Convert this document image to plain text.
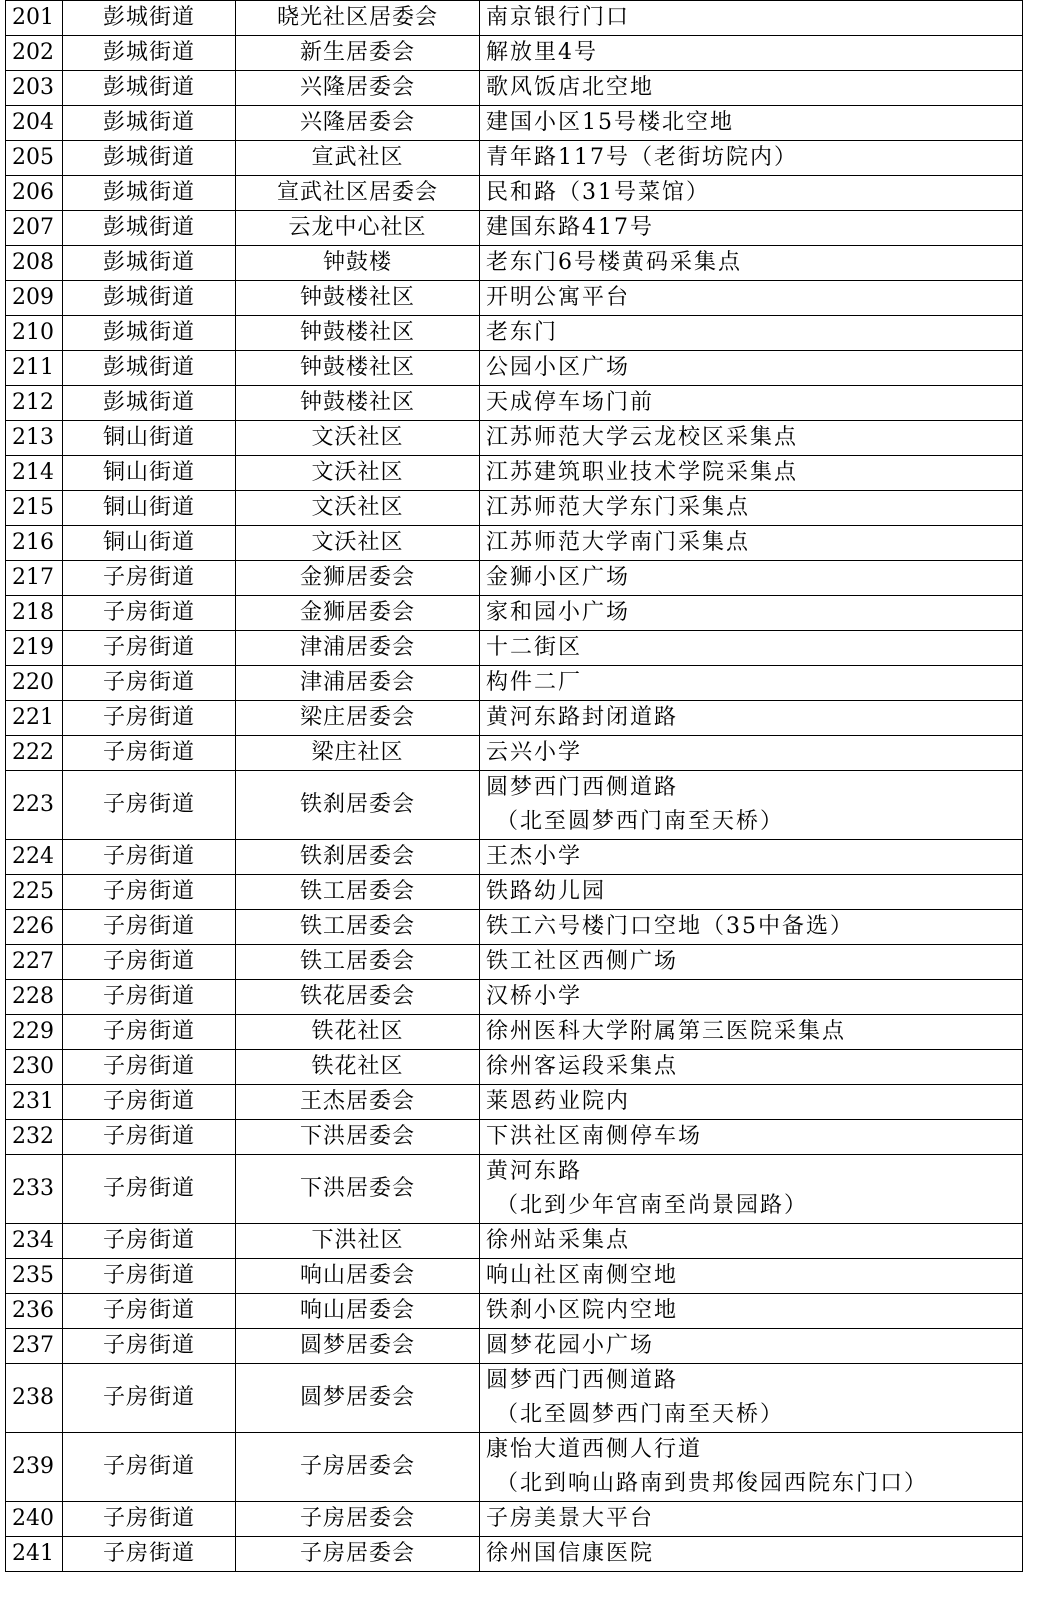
201	彭城街道	晓光社区居委会	南京银行门口
202	彭城街道	新生居委会	解放里4号
203	彭城街道	兴隆居委会	歌风饭店北空地
204	彭城街道	兴隆居委会	建国小区15号楼北空地
205	彭城街道	宣武社区	青年路117号（老街坊院内）
206	彭城街道	宣武社区居委会	民和路（31号菜馆）
207	彭城街道	云龙中心社区	建国东路417号
208	彭城街道	钟鼓楼	老东门6号楼黄码采集点
209	彭城街道	钟鼓楼社区	开明公寓平台
210	彭城街道	钟鼓楼社区	老东门
211	彭城街道	钟鼓楼社区	公园小区广场
212	彭城街道	钟鼓楼社区	天成停车场门前
213	铜山街道	文沃社区	江苏师范大学云龙校区采集点
214	铜山街道	文沃社区	江苏建筑职业技术学院采集点
215	铜山街道	文沃社区	江苏师范大学东门采集点
216	铜山街道	文沃社区	江苏师范大学南门采集点
217	子房街道	金狮居委会	金狮小区广场
218	子房街道	金狮居委会	家和园小广场
219	子房街道	津浦居委会	十二街区
220	子房街道	津浦居委会	构件二厂
221	子房街道	梁庄居委会	黄河东路封闭道路
222	子房街道	梁庄社区	云兴小学
223	子房街道	铁刹居委会	圆梦西门西侧道路
（北至圆梦西门南至天桥）

224	子房街道	铁刹居委会	王杰小学
225	子房街道	铁工居委会	铁路幼儿园
226	子房街道	铁工居委会	铁工六号楼门口空地（35中备选）
227	子房街道	铁工居委会	铁工社区西侧广场
228	子房街道	铁花居委会	汉桥小学
229	子房街道	铁花社区	徐州医科大学附属第三医院采集点
230	子房街道	铁花社区	徐州客运段采集点
231	子房街道	王杰居委会	莱恩药业院内
232	子房街道	下洪居委会	下洪社区南侧停车场
233	子房街道	下洪居委会	黄河东路
（北到少年宫南至尚景园路）

234	子房街道	下洪社区	徐州站采集点
235	子房街道	响山居委会	响山社区南侧空地
236	子房街道	响山居委会	铁刹小区院内空地
237	子房街道	圆梦居委会	圆梦花园小广场
238	子房街道	圆梦居委会	圆梦西门西侧道路
（北至圆梦西门南至天桥）

239	子房街道	子房居委会	康怡大道西侧人行道
（北到响山路南到贵邦俊园西院东门口）

240	子房街道	子房居委会	子房美景大平台
241	子房街道	子房居委会	徐州国信康医院
